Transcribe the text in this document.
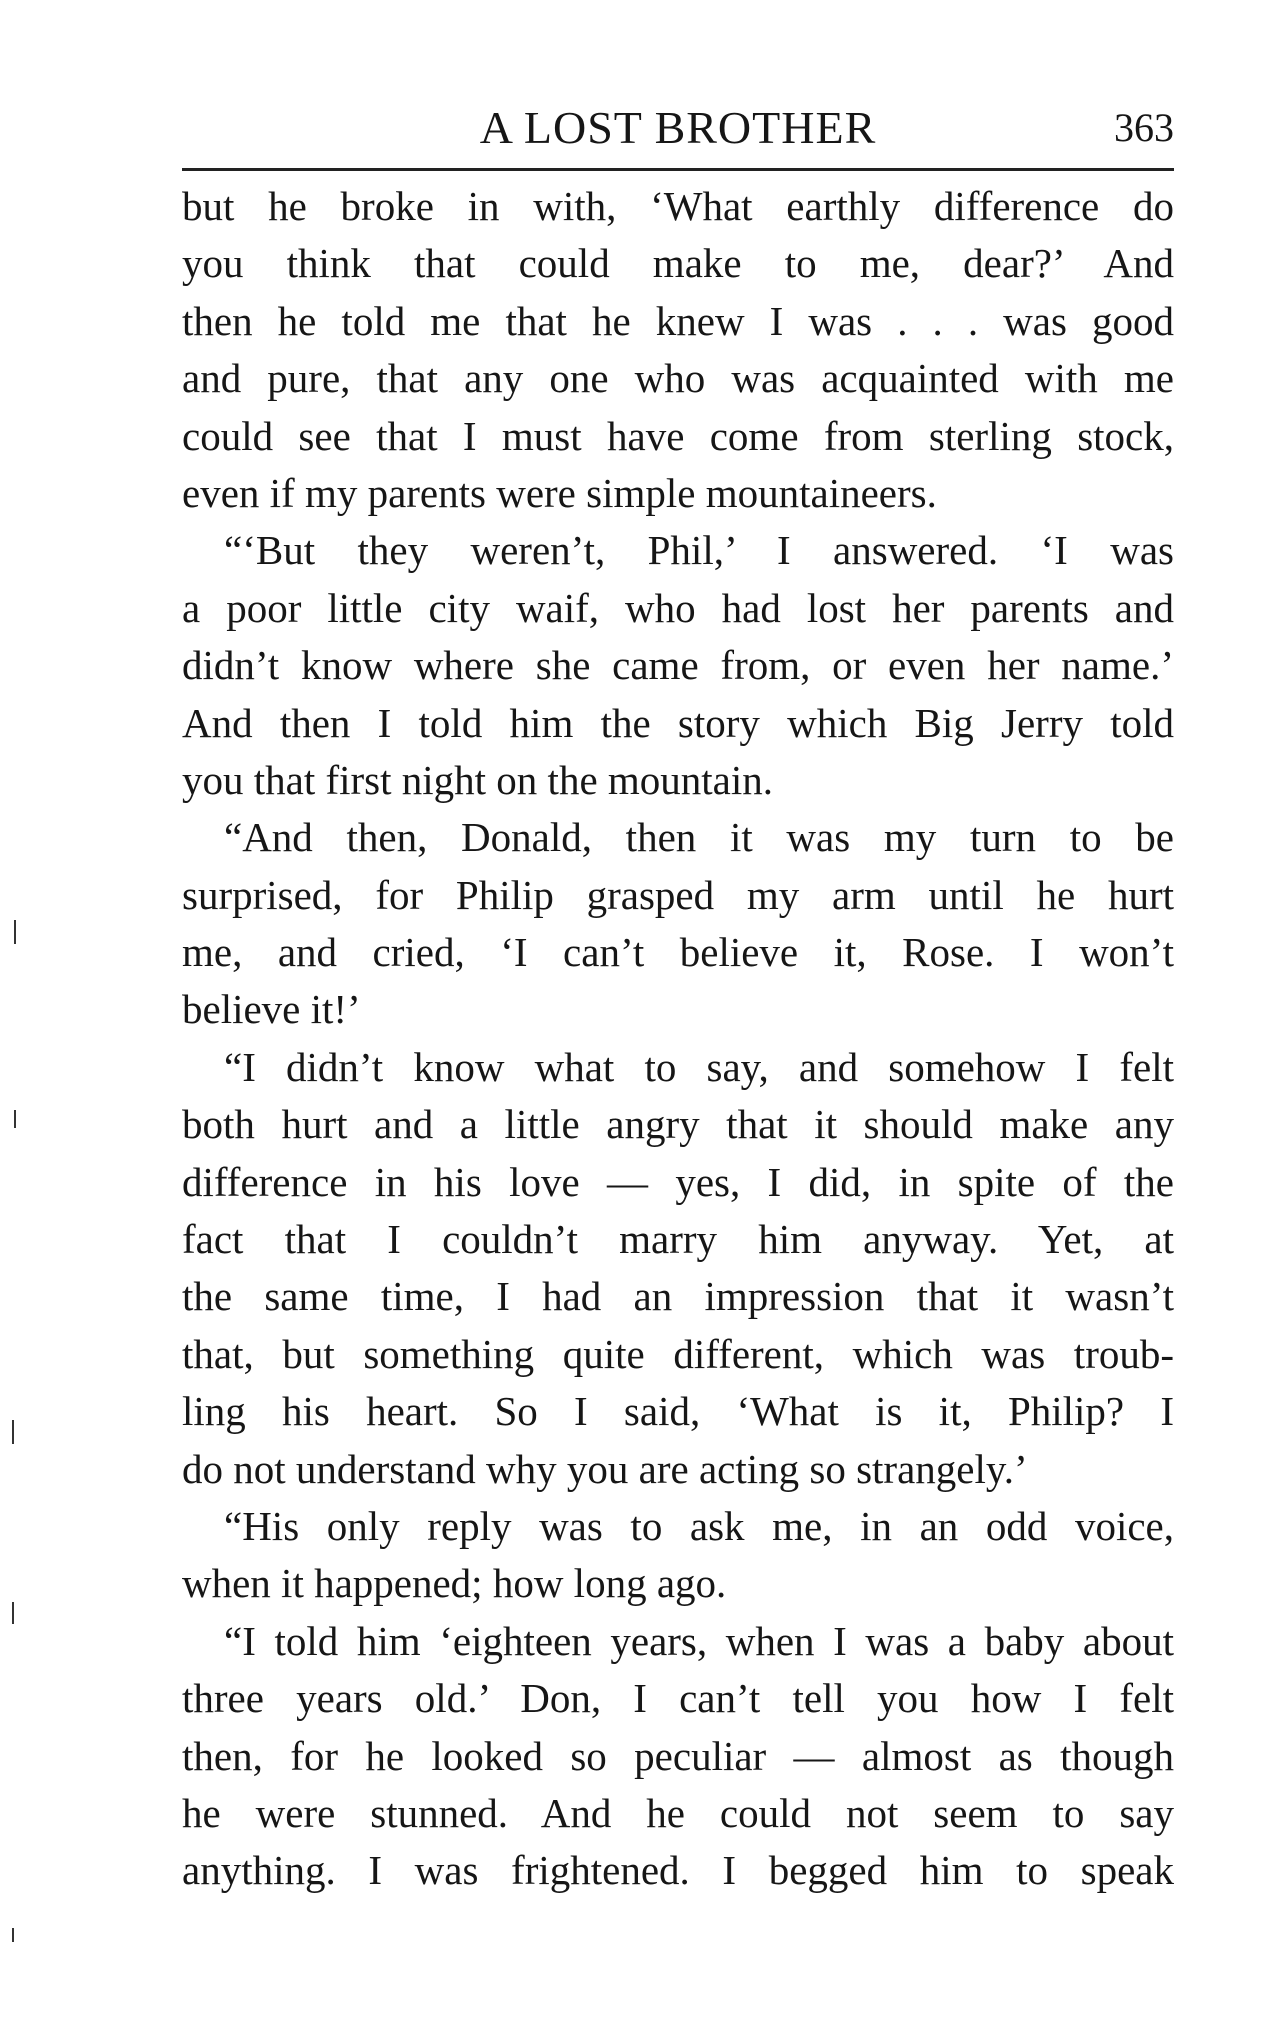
A LOST BROTHER	363
but he broke in with, ‘What earthly difference do
you think that could make to me, dear?’ And
then he told me that he knew I was . . . was good
and pure, that any one who was acquainted with me
could see that I must have come from sterling stock,
even if my parents were simple mountaineers.
“‘But they weren’t, Phil,’ I answered. ‘I was
a poor little city waif, who had lost her parents and
didn’t know where she came from, or even her name.’
And then I told him the story which Big Jerry told
you that first night on the mountain.
“And then, Donald, then it was my turn to be
surprised, for Philip grasped my arm until he hurt
me, and cried, ‘I can’t believe it, Rose. I won’t
believe it!’
“I didn’t know what to say, and somehow I felt
both hurt and a little angry that it should make any
difference in his love — yes, I did, in spite of the
fact that I couldn’t marry him anyway. Yet, at
the same time, I had an impression that it wasn’t
that, but something quite different, which was troub-
ling his heart. So I said, ‘What is it, Philip? I
do not understand why you are acting so strangely.’
“His only reply was to ask me, in an odd voice,
when it happened; how long ago.
“I told him ‘eighteen years, when I was a baby about
three years old.’ Don, I can’t tell you how I felt
then, for he looked so peculiar — almost as though
he were stunned. And he could not seem to say
anything. I was frightened. I begged him to speak
